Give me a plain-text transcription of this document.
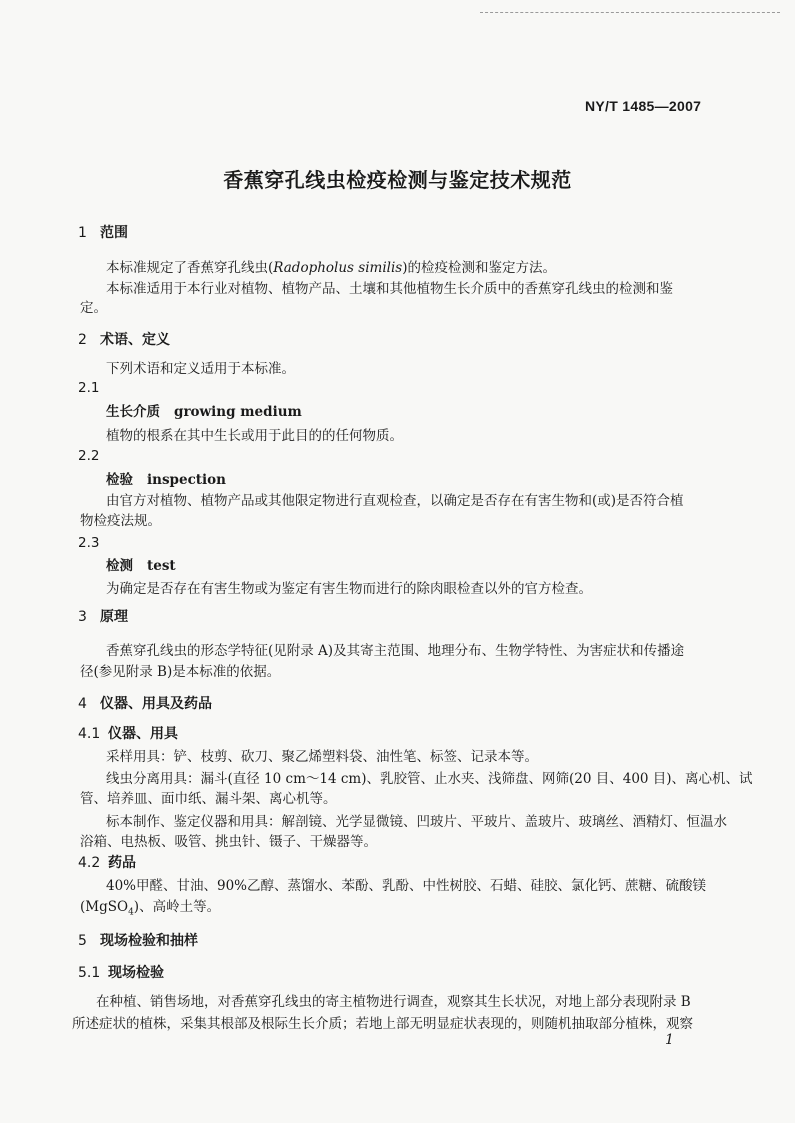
NY/T 1485—2007
香蕉穿孔线虫检疫检测与鉴定技术规范
1 范围
本标准规定了香蕉穿孔线虫(Radopholus similis)的检疫检测和鉴定方法。
本标准适用于本行业对植物、植物产品、土壤和其他植物生长介质中的香蕉穿孔线虫的检测和鉴
定。
2 术语、定义
下列术语和定义适用于本标准。
2.1
生长介质 growing medium
植物的根系在其中生长或用于此目的的任何物质。
2.2
检验 inspection
由官方对植物、植物产品或其他限定物进行直观检查，以确定是否存在有害生物和(或)是否符合植
物检疫法规。
2.3
检测 test
为确定是否存在有害生物或为鉴定有害生物而进行的除肉眼检查以外的官方检查。
3 原理
香蕉穿孔线虫的形态学特征(见附录 A)及其寄主范围、地理分布、生物学特性、为害症状和传播途
径(参见附录 B)是本标准的依据。
4 仪器、用具及药品
4.1 仪器、用具
采样用具：铲、枝剪、砍刀、聚乙烯塑料袋、油性笔、标签、记录本等。
线虫分离用具：漏斗(直径 10 cm～14 cm)、乳胶管、止水夹、浅筛盘、网筛(20 目、400 目)、离心机、试
管、培养皿、面巾纸、漏斗架、离心机等。
标本制作、鉴定仪器和用具：解剖镜、光学显微镜、凹玻片、平玻片、盖玻片、玻璃丝、酒精灯、恒温水
浴箱、电热板、吸管、挑虫针、镊子、干燥器等。
4.2 药品
40%甲醛、甘油、90%乙醇、蒸馏水、苯酚、乳酚、中性树胶、石蜡、硅胶、氯化钙、蔗糖、硫酸镁
(MgSO$_4$)、高岭土等。
5 现场检验和抽样
5.1 现场检验
在种植、销售场地，对香蕉穿孔线虫的寄主植物进行调查，观察其生长状况，对地上部分表现附录 B
所述症状的植株，采集其根部及根际生长介质；若地上部无明显症状表现的，则随机抽取部分植株，观察
1
